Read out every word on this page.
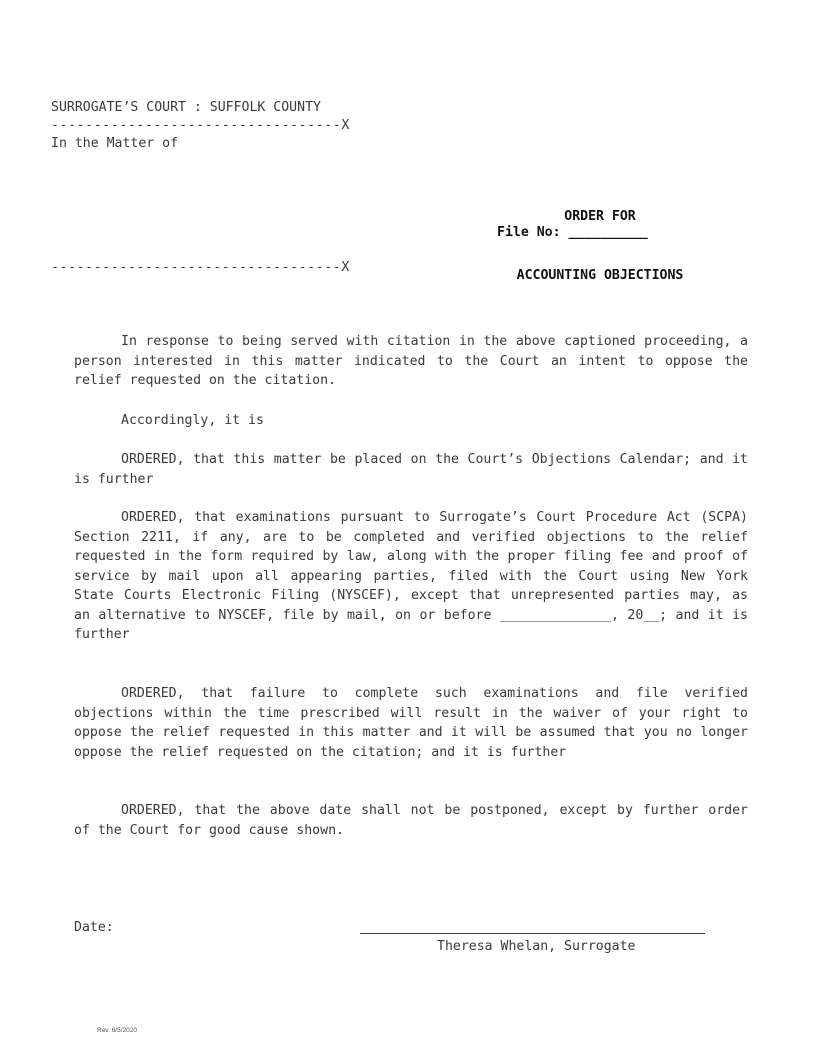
SURROGATE’S COURT : SUFFOLK COUNTY
----------------------------------X
In the Matter of
----------------------------------X

ORDER FOR

ACCOUNTING OBJECTIONS

File No: __________
In response to being served with citation in the above captioned proceeding, a person interested in this matter indicated to the Court an intent to oppose the relief requested on the citation.
Accordingly, it is
ORDERED, that this matter be placed on the Court’s Objections Calendar; and it is further
ORDERED, that examinations pursuant to Surrogate’s Court Procedure Act (SCPA) Section 2211, if any, are to be completed and verified objections to the relief requested in the form required by law, along with the proper filing fee and proof of service by mail upon all appearing parties, filed with the Court using New York State Courts Electronic Filing (NYSCEF), except that unrepresented parties may, as an alternative to NYSCEF, file by mail, on or before ______________, 20__; and it is further
ORDERED, that failure to complete such examinations and file verified objections within the time prescribed will result in the waiver of your right to oppose the relief requested in this matter and it will be assumed that you no longer oppose the relief requested on the citation; and it is further
ORDERED, that the above date shall not be postponed, except by further order of the Court for good cause shown.
Date:
Theresa Whelan, Surrogate
Rev. 6/5/2020
